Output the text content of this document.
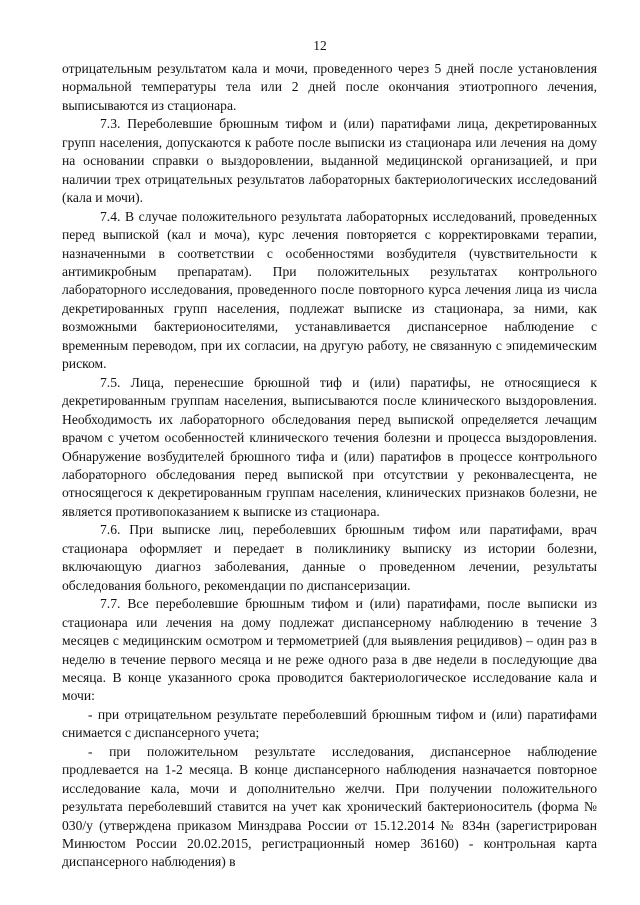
12

отрицательным результатом кала и мочи, проведенного через 5 дней после установления нормальной температуры тела или 2 дней после окончания этиотропного лечения, выписываются из стационара.

7.3. Переболевшие брюшным тифом и (или) паратифами лица, декретированных групп населения, допускаются к работе после выписки из стационара или лечения на дому на основании справки о выздоровлении, выданной медицинской организацией, и при наличии трех отрицательных результатов лабораторных бактериологических исследований (кала и мочи).

7.4. В случае положительного результата лабораторных исследований, проведенных перед выпиской (кал и моча), курс лечения повторяется с корректировками терапии, назначенными в соответствии с особенностями возбудителя (чувствительности к антимикробным препаратам). При положительных результатах контрольного лабораторного исследования, проведенного после повторного курса лечения лица из числа декретированных групп населения, подлежат выписке из стационара, за ними, как возможными бактерионосителями, устанавливается диспансерное наблюдение с временным переводом, при их согласии, на другую работу, не связанную с эпидемическим риском.

7.5. Лица, перенесшие брюшной тиф и (или) паратифы, не относящиеся к декретированным группам населения, выписываются после клинического выздоровления. Необходимость их лабораторного обследования перед выпиской определяется лечащим врачом с учетом особенностей клинического течения болезни и процесса выздоровления. Обнаружение возбудителей брюшного тифа и (или) паратифов в процессе контрольного лабораторного обследования перед выпиской при отсутствии у реконвалесцента, не относящегося к декретированным группам населения, клинических признаков болезни, не является противопоказанием к выписке из стационара.

7.6. При выписке лиц, переболевших брюшным тифом или паратифами, врач стационара оформляет и передает в поликлинику выписку из истории болезни, включающую диагноз заболевания, данные о проведенном лечении, результаты обследования больного, рекомендации по диспансеризации.

7.7. Все переболевшие брюшным тифом и (или) паратифами, после выписки из стационара или лечения на дому подлежат диспансерному наблюдению в течение 3 месяцев с медицинским осмотром и термометрией (для выявления рецидивов) – один раз в неделю в течение первого месяца и не реже одного раза в две недели в последующие два месяца. В конце указанного срока проводится бактериологическое исследование кала и мочи:

- при отрицательном результате переболевший брюшным тифом и (или) паратифами снимается с диспансерного учета;

- при положительном результате исследования, диспансерное наблюдение продлевается на 1-2 месяца. В конце диспансерного наблюдения назначается повторное исследование кала, мочи и дополнительно желчи. При получении положительного результата переболевший ставится на учет как хронический бактерионоситель (форма № 030/у (утверждена приказом Минздрава России от 15.12.2014 № 834н (зарегистрирован Минюстом России 20.02.2015, регистрационный номер 36160) - контрольная карта диспансерного наблюдения) в
